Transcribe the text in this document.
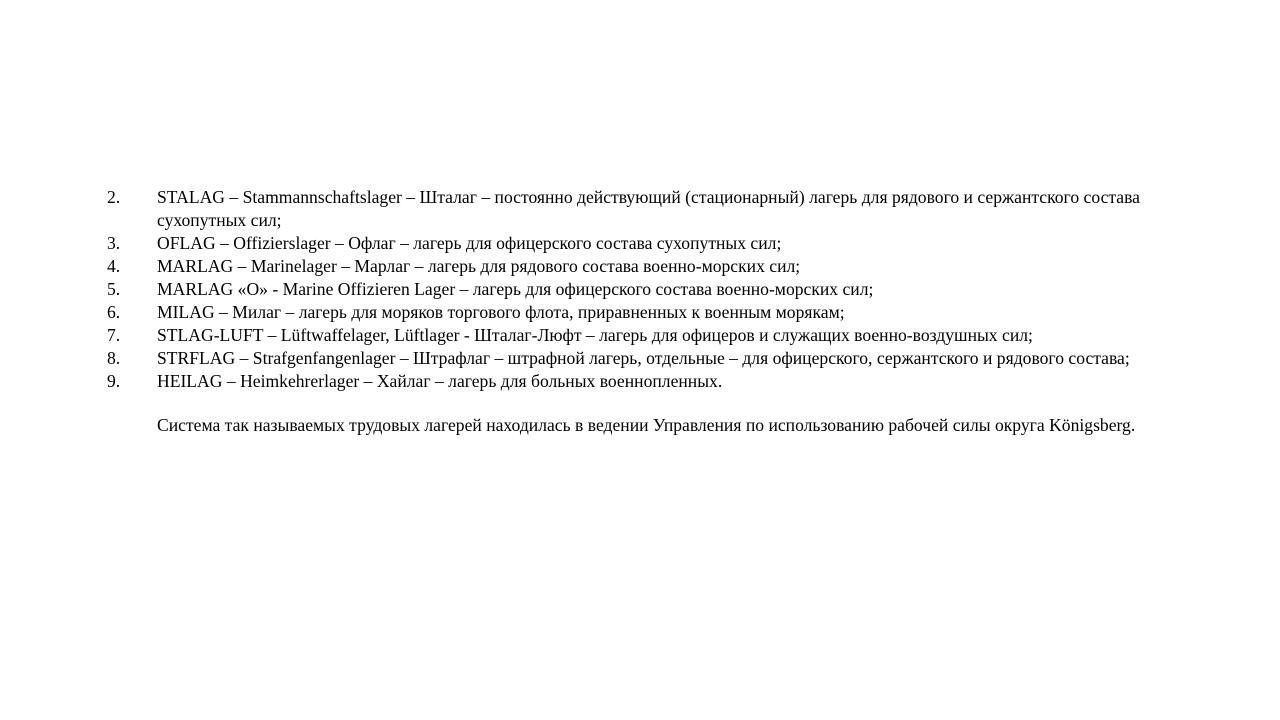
2 .	STALAG – Stammannschaftslager – Шталаг – постоянно действующий (стационарный) лагерь для рядового и сержантского состава сухопутных сил;
3 .	OFLAG – Offizierslager – Офлаг – лагерь для офицерского состава сухопутных сил;
4 .	MARLAG – Marinelager – Марлаг – лагерь для рядового состава военно-морских сил;
5 .	MARLAG «O» - Marine Offizieren Lager – лагерь для офицерского состава военно-морских сил;
6 .	MILAG – Милаг – лагерь для моряков торгового флота, приравненных к военным морякам;
7 .	STLAG-LUFT – Lüftwaffelager, Lüftlager - Шталаг-Люфт – лагерь для офицеров и служащих военно-воздушных сил;
8 .	STRFLAG – Strafgenfangenlager – Штрафлаг – штрафной лагерь, отдельные – для офицерского, сержантского и рядового состава;
9 .	HEILAG – Heimkehrerlager – Хайлаг – лагерь для больных военнопленных.

Система так называемых трудовых лагерей находилась в ведении Управления по использованию рабочей силы округа Königsberg.
